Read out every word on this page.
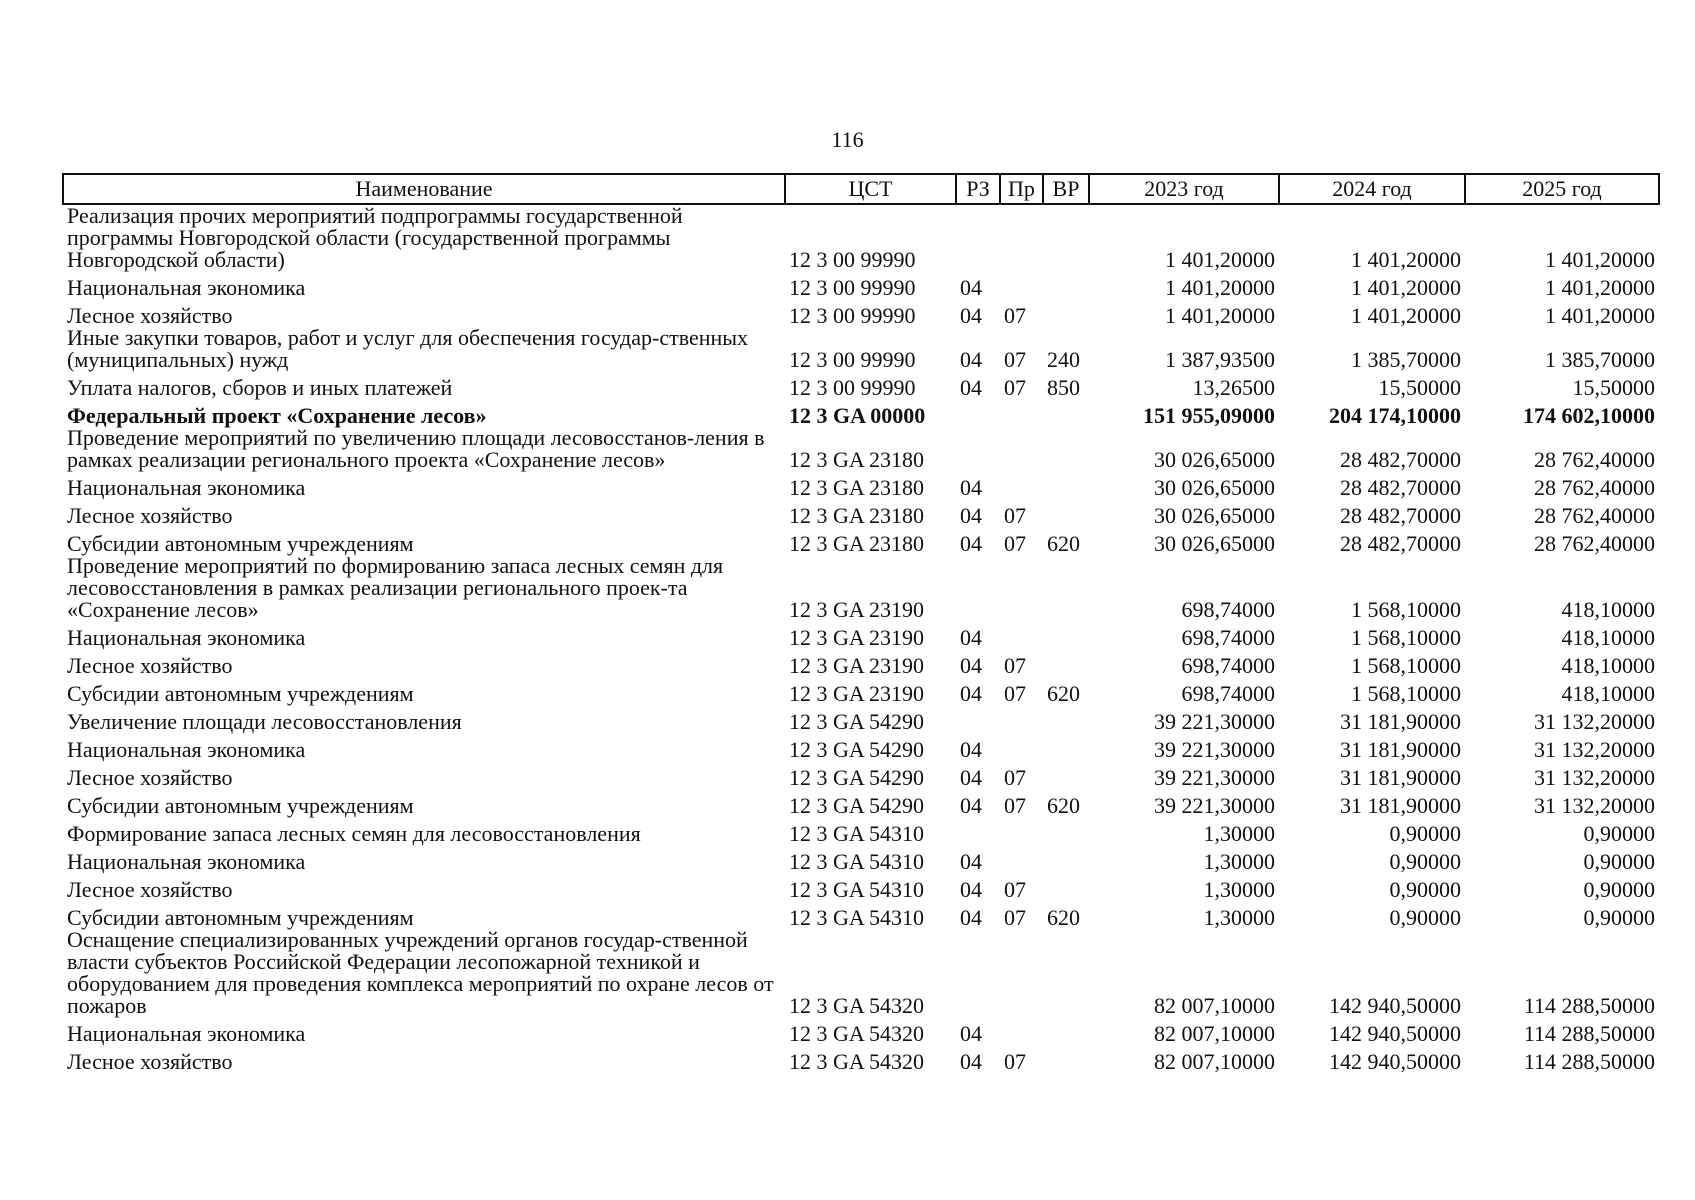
116
Наименование	ЦСТ	РЗ	Пр	ВР	2023 год	2024 год	2025 год
Реализация прочих мероприятий подпрограммы государственной программы Новгородской области (государственной программы Новгородской области)	12 3 00 99990				1 401,20000	1 401,20000	1 401,20000
Национальная экономика	12 3 00 99990	04			1 401,20000	1 401,20000	1 401,20000
Лесное хозяйство	12 3 00 99990	04	07		1 401,20000	1 401,20000	1 401,20000
Иные закупки товаров, работ и услуг для обеспечения государ-ственных (муниципальных) нужд	12 3 00 99990	04	07	240	1 387,93500	1 385,70000	1 385,70000
Уплата налогов, сборов и иных платежей	12 3 00 99990	04	07	850	13,26500	15,50000	15,50000
Федеральный проект «Сохранение лесов»	12 3 GA 00000				151 955,09000	204 174,10000	174 602,10000
Проведение мероприятий по увеличению площади лесовосстанов-ления в рамках реализации регионального проекта «Сохранение лесов»	12 3 GA 23180				30 026,65000	28 482,70000	28 762,40000
Национальная экономика	12 3 GA 23180	04			30 026,65000	28 482,70000	28 762,40000
Лесное хозяйство	12 3 GA 23180	04	07		30 026,65000	28 482,70000	28 762,40000
Субсидии автономным учреждениям	12 3 GA 23180	04	07	620	30 026,65000	28 482,70000	28 762,40000
Проведение мероприятий по формированию запаса лесных семян для лесовосстановления в рамках реализации регионального проек-та «Сохранение лесов»	12 3 GA 23190				698,74000	1 568,10000	418,10000
Национальная экономика	12 3 GA 23190	04			698,74000	1 568,10000	418,10000
Лесное хозяйство	12 3 GA 23190	04	07		698,74000	1 568,10000	418,10000
Субсидии автономным учреждениям	12 3 GA 23190	04	07	620	698,74000	1 568,10000	418,10000
Увеличение площади лесовосстановления	12 3 GA 54290				39 221,30000	31 181,90000	31 132,20000
Национальная экономика	12 3 GA 54290	04			39 221,30000	31 181,90000	31 132,20000
Лесное хозяйство	12 3 GA 54290	04	07		39 221,30000	31 181,90000	31 132,20000
Субсидии автономным учреждениям	12 3 GA 54290	04	07	620	39 221,30000	31 181,90000	31 132,20000
Формирование запаса лесных семян для лесовосстановления	12 3 GA 54310				1,30000	0,90000	0,90000
Национальная экономика	12 3 GA 54310	04			1,30000	0,90000	0,90000
Лесное хозяйство	12 3 GA 54310	04	07		1,30000	0,90000	0,90000
Субсидии автономным учреждениям	12 3 GA 54310	04	07	620	1,30000	0,90000	0,90000
Оснащение специализированных учреждений органов государ-ственной власти субъектов Российской Федерации лесопожарной техникой и оборудованием для проведения комплекса мероприятий по охране лесов от пожаров	12 3 GA 54320				82 007,10000	142 940,50000	114 288,50000
Национальная экономика	12 3 GA 54320	04			82 007,10000	142 940,50000	114 288,50000
Лесное хозяйство	12 3 GA 54320	04	07		82 007,10000	142 940,50000	114 288,50000
